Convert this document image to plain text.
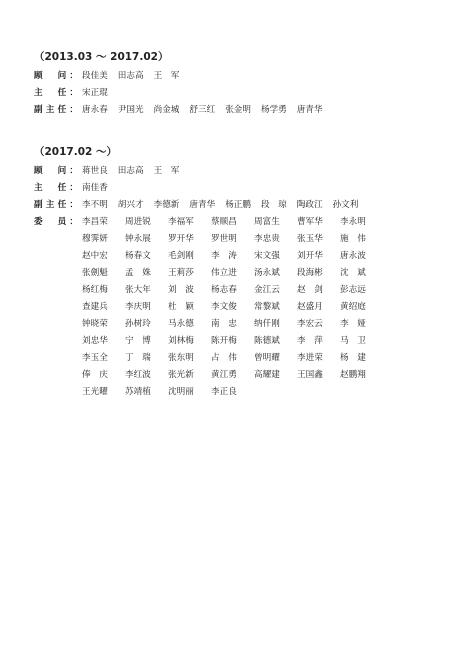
（2013.03 ～ 2017.02）
顾　问： 段佳美 田志高 王　军
主　任： 宋正琨
副主任： 唐永春 尹国光 尚金城 舒三红 张金明 杨学勇 唐青华
（2017.02 ～）
顾　问： 蒋世良 田志高 王　军
主　任： 南佳香
副主任： 李不明 胡兴才 李德新 唐青华 杨正鹏 段　琼 陶政江 孙文利
委　员： 李昌荣	周进锐	李福军	蔡顺昌	周富生	曹军华	李永明
穆霁妍	钟永展	罗开华	罗世明	李忠贵	张玉华	施　伟
赵中宏	杨春文	毛剑刚	李　涛	宋文强	刘开华	唐永波
张劍魁	孟　姝	王莉莎	伟立进	汤永斌	段海彬	沈　斌
杨红梅	张大年	刘　波	杨志春	金江云	赵　剑	彭志远
查建兵	李庆明	杜　颖	李文俊	常黎斌	赵盛月	黄绍庭
钟晓荣	孙树玲	马永德	南　忠	纳仟刚	李宏云	李　娅
刘忠华	宁　博	刘林梅	陈开梅	陈德斌	李　萍	马　卫
李玉全	丁　瑞	张东明	占　伟	曾明耀	李进荣	杨　建
俸　庆	李红波	张光新	黄江勇	高耀建	王国鑫	赵鹏翔
王光曜	苏靖植	沈明丽	李正良
